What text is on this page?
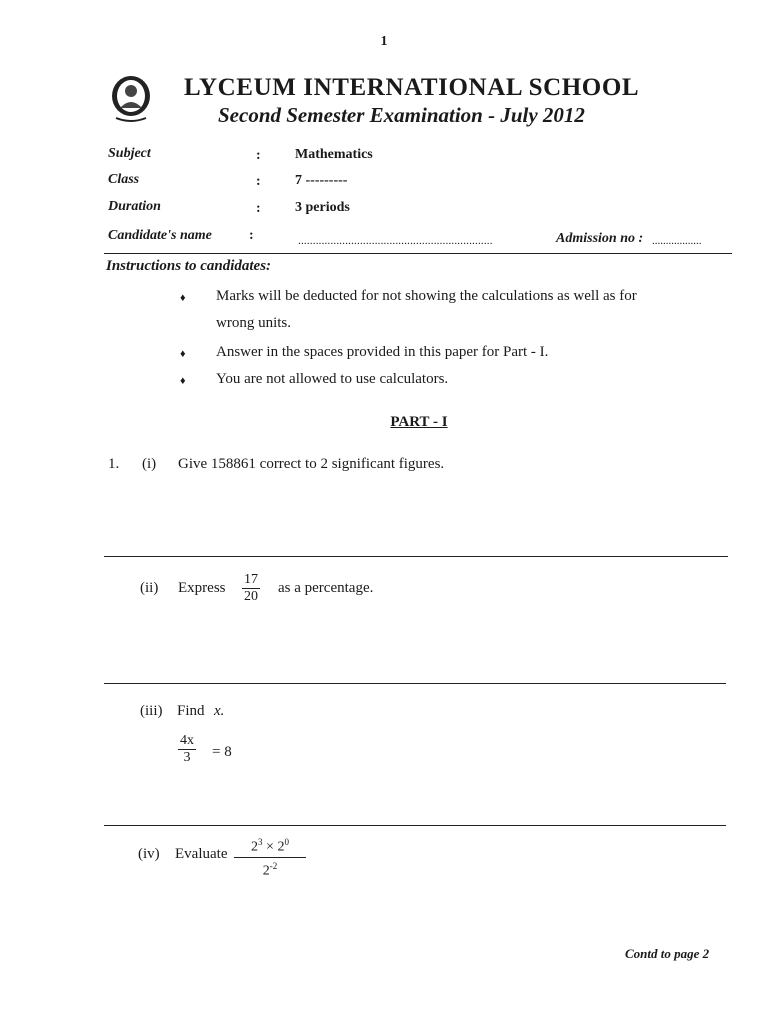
1
LYCEUM INTERNATIONAL SCHOOL
Second Semester Examination - July 2012
Subject	: Mathematics
Class	: 7 ---------
Duration	: 3 periods
Candidate's name	:	..................................................................	Admission no : ..................
Instructions to candidates:
♦ Marks will be deducted for not showing the calculations as well as for
wrong units.
♦ Answer in the spaces provided in this paper for Part - I.
♦ You are not allowed to use calculators.
PART - I
1. (i) Give 158861 correct to 2 significant figures.
(ii) Express $\frac{17}{20}$ as a percentage.
(iii) Find x.
$\frac{4x}{3} = 8$
(iv) Evaluate $\frac{2^3 \times 2^0}{2^{-2}}$
Contd to page 2
